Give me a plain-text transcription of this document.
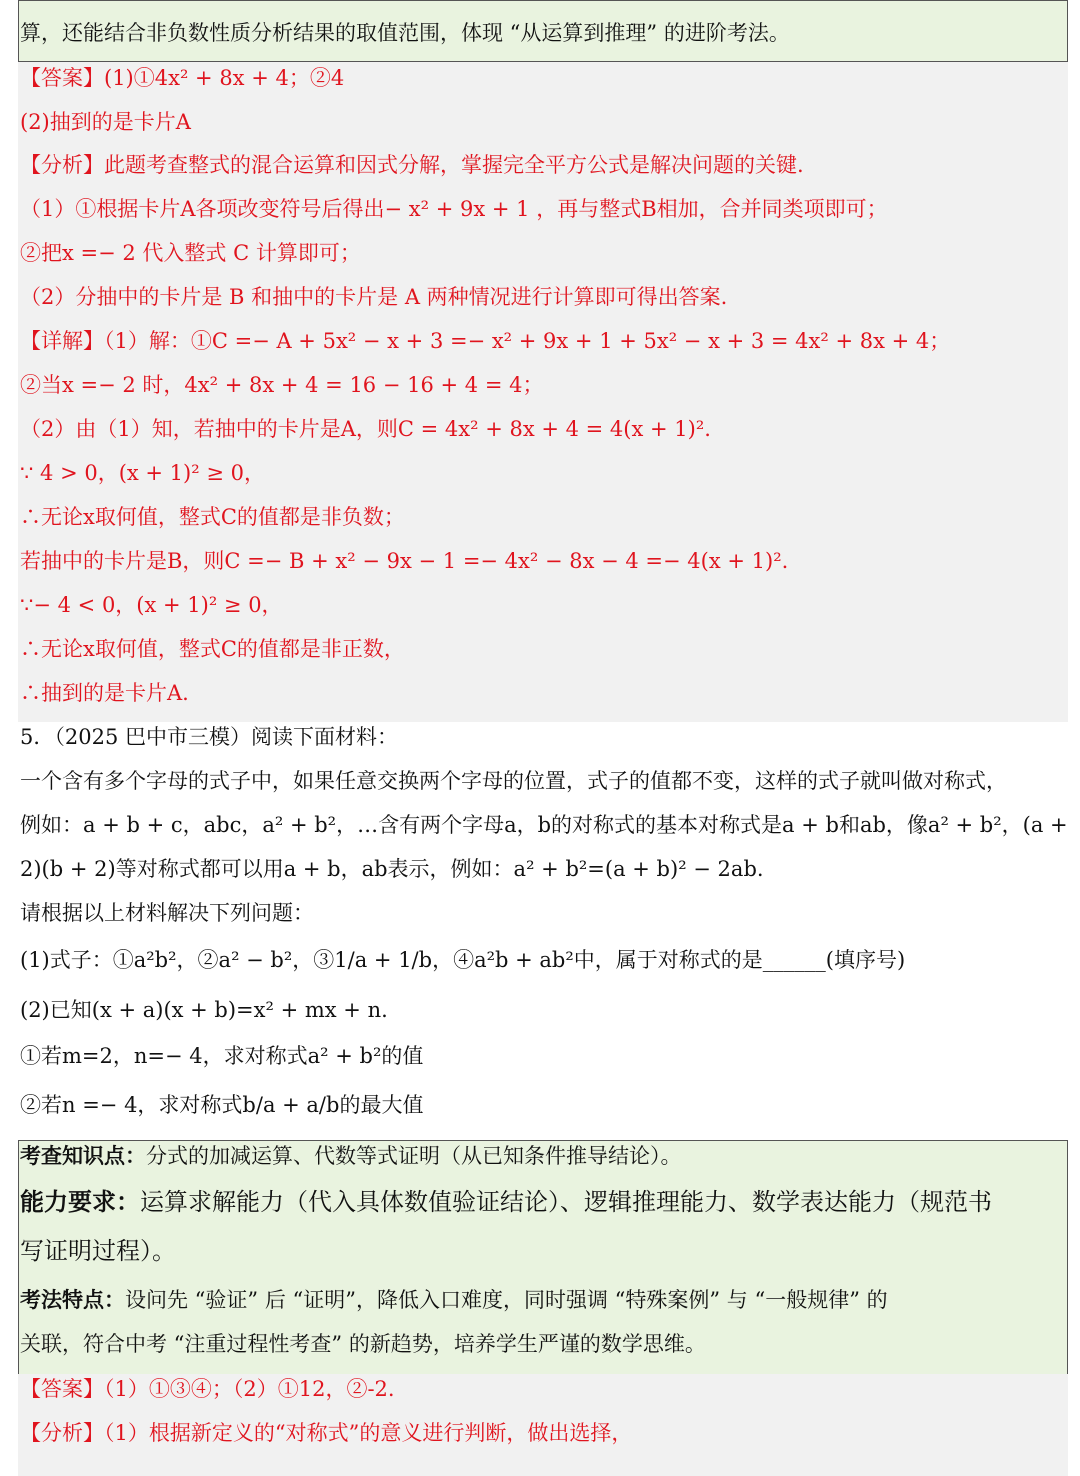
算，还能结合非负数性质分析结果的取值范围，体现 “从运算到推理” 的进阶考法。
【答案】(1)①4x² + 8x + 4；②4
(2)抽到的是卡片A
【分析】此题考查整式的混合运算和因式分解，掌握完全平方公式是解决问题的关键.
（1）①根据卡片A各项改变符号后得出− x² + 9x + 1 ，再与整式B相加，合并同类项即可；
②把x =− 2 代入整式 C 计算即可；
（2）分抽中的卡片是 B 和抽中的卡片是 A 两种情况进行计算即可得出答案.
【详解】（1）解：①C =− A + 5x² − x + 3 =− x² + 9x + 1 + 5x² − x + 3 = 4x² + 8x + 4；
②当x =− 2 时，4x² + 8x + 4 = 16 − 16 + 4 = 4；
（2）由（1）知，若抽中的卡片是A，则C = 4x² + 8x + 4 = 4(x + 1)².
∵ 4 > 0，(x + 1)² ≥ 0，
∴无论x取何值，整式C的值都是非负数；
若抽中的卡片是B，则C =− B + x² − 9x − 1 =− 4x² − 8x − 4 =− 4(x + 1)².
∵− 4 < 0，(x + 1)² ≥ 0，
∴无论x取何值，整式C的值都是非正数，
∴抽到的是卡片A.
5．（2025 巴中市三模）阅读下面材料：
一个含有多个字母的式子中，如果任意交换两个字母的位置，式子的值都不变，这样的式子就叫做对称式，
例如：a + b + c，abc，a² + b²，…含有两个字母a，b的对称式的基本对称式是a + b和ab，像a² + b²，(a +
2)(b + 2)等对称式都可以用a + b，ab表示，例如：a² + b²=(a + b)² − 2ab.
请根据以上材料解决下列问题：
(1)式子：①a²b²，②a² − b²，③1/a + 1/b，④a²b + ab²中，属于对称式的是______(填序号)
(2)已知(x + a)(x + b)=x² + mx + n.
①若m=2，n=− 4，求对称式a² + b²的值
②若n =− 4，求对称式b/a + a/b的最大值
考查知识点：分式的加减运算、代数等式证明（从已知条件推导结论）。
能力要求：运算求解能力（代入具体数值验证结论）、逻辑推理能力、数学表达能力（规范书
写证明过程）。
考法特点：设问先 “验证” 后 “证明”，降低入口难度，同时强调 “特殊案例” 与 “一般规律” 的
关联，符合中考 “注重过程性考查” 的新趋势，培养学生严谨的数学思维。
【答案】（1）①③④；（2）①12，②-2.
【分析】（1）根据新定义的“对称式”的意义进行判断，做出选择，
